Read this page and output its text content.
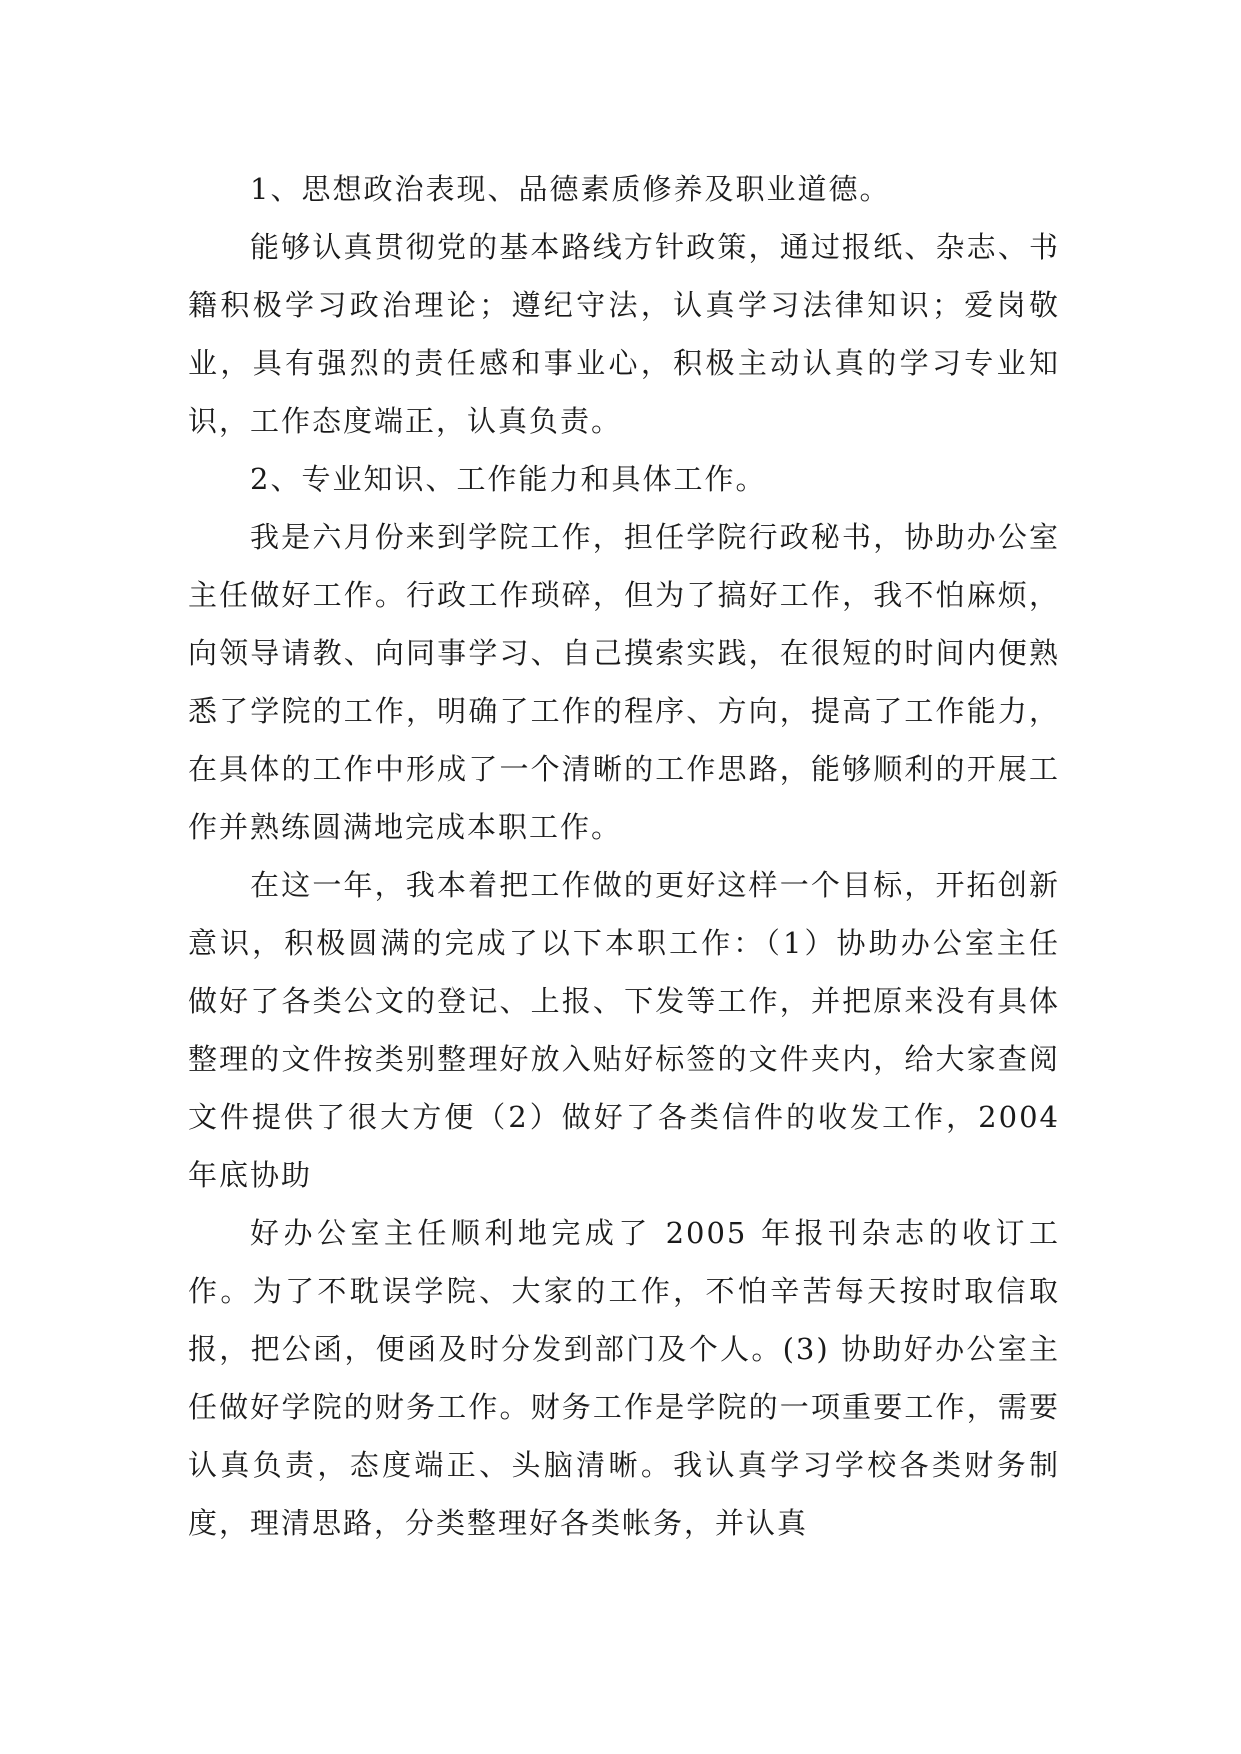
1、思想政治表现、品德素质修养及职业道德。

能够认真贯彻党的基本路线方针政策，通过报纸、杂志、书籍积极学习政治理论；遵纪守法，认真学习法律知识；爱岗敬业，具有强烈的责任感和事业心，积极主动认真的学习专业知识，工作态度端正，认真负责。

2、专业知识、工作能力和具体工作。

我是六月份来到学院工作，担任学院行政秘书，协助办公室主任做好工作。行政工作琐碎，但为了搞好工作，我不怕麻烦，向领导请教、向同事学习、自己摸索实践，在很短的时间内便熟悉了学院的工作，明确了工作的程序、方向，提高了工作能力，在具体的工作中形成了一个清晰的工作思路，能够顺利的开展工作并熟练圆满地完成本职工作。

在这一年，我本着把工作做的更好这样一个目标，开拓创新意识，积极圆满的完成了以下本职工作：（1）协助办公室主任做好了各类公文的登记、上报、下发等工作，并把原来没有具体整理的文件按类别整理好放入贴好标签的文件夹内，给大家查阅文件提供了很大方便（2）做好了各类信件的收发工作，2004 年底协助

好办公室主任顺利地完成了 2005 年报刊杂志的收订工作。为了不耽误学院、大家的工作，不怕辛苦每天按时取信取报，把公函，便函及时分发到部门及个人。(3) 协助好办公室主任做好学院的财务工作。财务工作是学院的一项重要工作，需要认真负责，态度端正、头脑清晰。我认真学习学校各类财务制度，理清思路，分类整理好各类帐务，并认真
